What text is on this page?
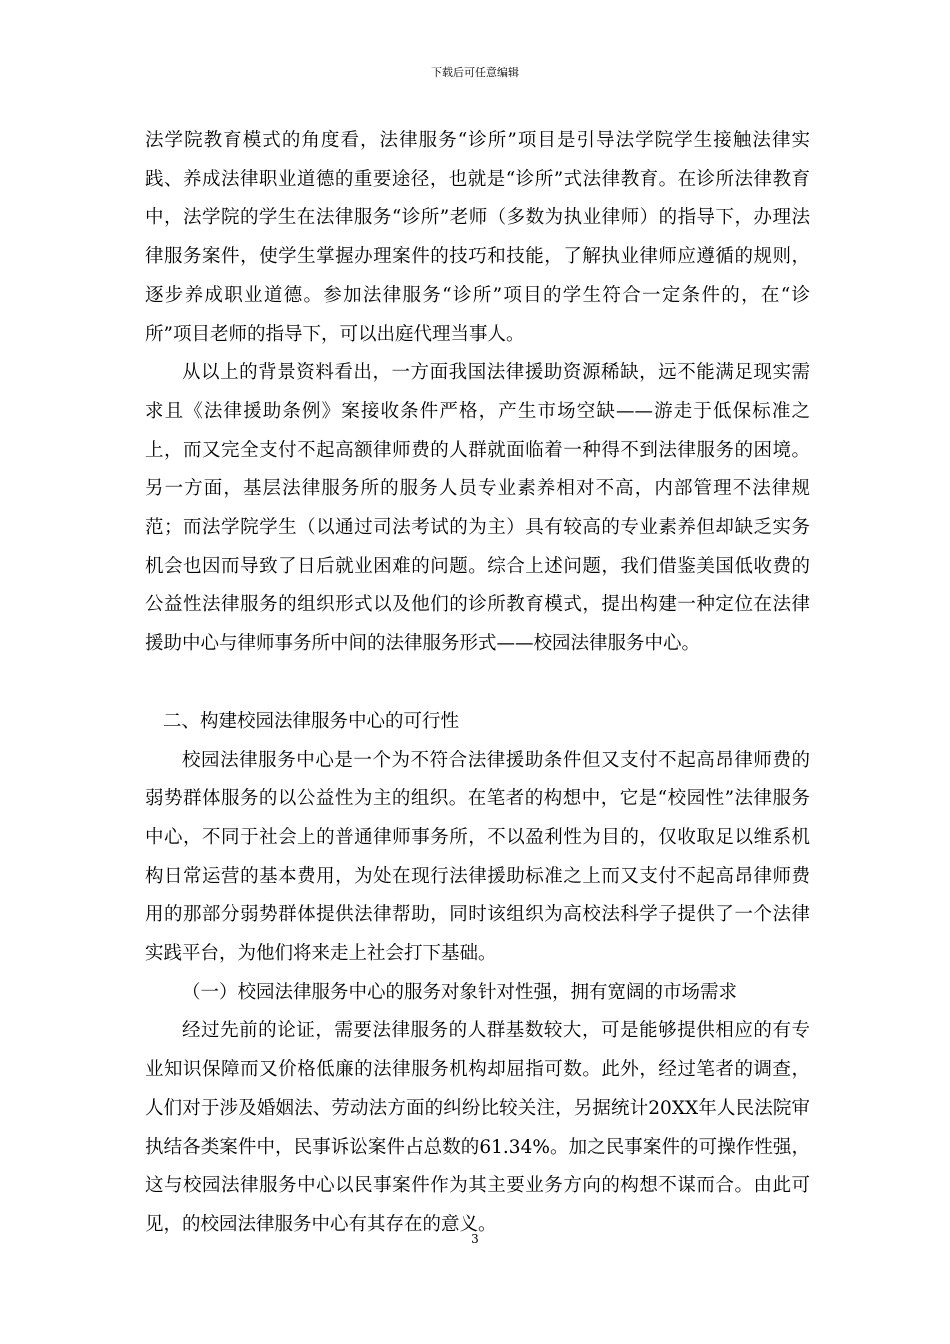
下载后可任意编辑

法学院教育模式的角度看，法律服务“诊所”项目是引导法学院学生接触法律实践、养成法律职业道德的重要途径，也就是“诊所”式法律教育。在诊所法律教育中，法学院的学生在法律服务“诊所”老师（多数为执业律师）的指导下，办理法律服务案件，使学生掌握办理案件的技巧和技能，了解执业律师应遵循的规则，逐步养成职业道德。参加法律服务“诊所”项目的学生符合一定条件的，在“诊所”项目老师的指导下，可以出庭代理当事人。

从以上的背景资料看出，一方面我国法律援助资源稀缺，远不能满足现实需求且《法律援助条例》案接收条件严格，产生市场空缺——游走于低保标准之上，而又完全支付不起高额律师费的人群就面临着一种得不到法律服务的困境。另一方面，基层法律服务所的服务人员专业素养相对不高，内部管理不法律规范；而法学院学生（以通过司法考试的为主）具有较高的专业素养但却缺乏实务机会也因而导致了日后就业困难的问题。综合上述问题，我们借鉴美国低收费的公益性法律服务的组织形式以及他们的诊所教育模式，提出构建一种定位在法律援助中心与律师事务所中间的法律服务形式——校园法律服务中心。

二、构建校园法律服务中心的可行性

校园法律服务中心是一个为不符合法律援助条件但又支付不起高昂律师费的弱势群体服务的以公益性为主的组织。在笔者的构想中，它是“校园性”法律服务中心，不同于社会上的普通律师事务所，不以盈利性为目的，仅收取足以维系机构日常运营的基本费用，为处在现行法律援助标准之上而又支付不起高昂律师费用的那部分弱势群体提供法律帮助，同时该组织为高校法科学子提供了一个法律实践平台，为他们将来走上社会打下基础。

（一）校园法律服务中心的服务对象针对性强，拥有宽阔的市场需求

经过先前的论证，需要法律服务的人群基数较大，可是能够提供相应的有专业知识保障而又价格低廉的法律服务机构却屈指可数。此外，经过笔者的调查，人们对于涉及婚姻法、劳动法方面的纠纷比较关注，另据统计20XX年人民法院审执结各类案件中，民事诉讼案件占总数的61.34%。加之民事案件的可操作性强，这与校园法律服务中心以民事案件作为其主要业务方向的构想不谋而合。由此可见，的校园法律服务中心有其存在的意义。

3
